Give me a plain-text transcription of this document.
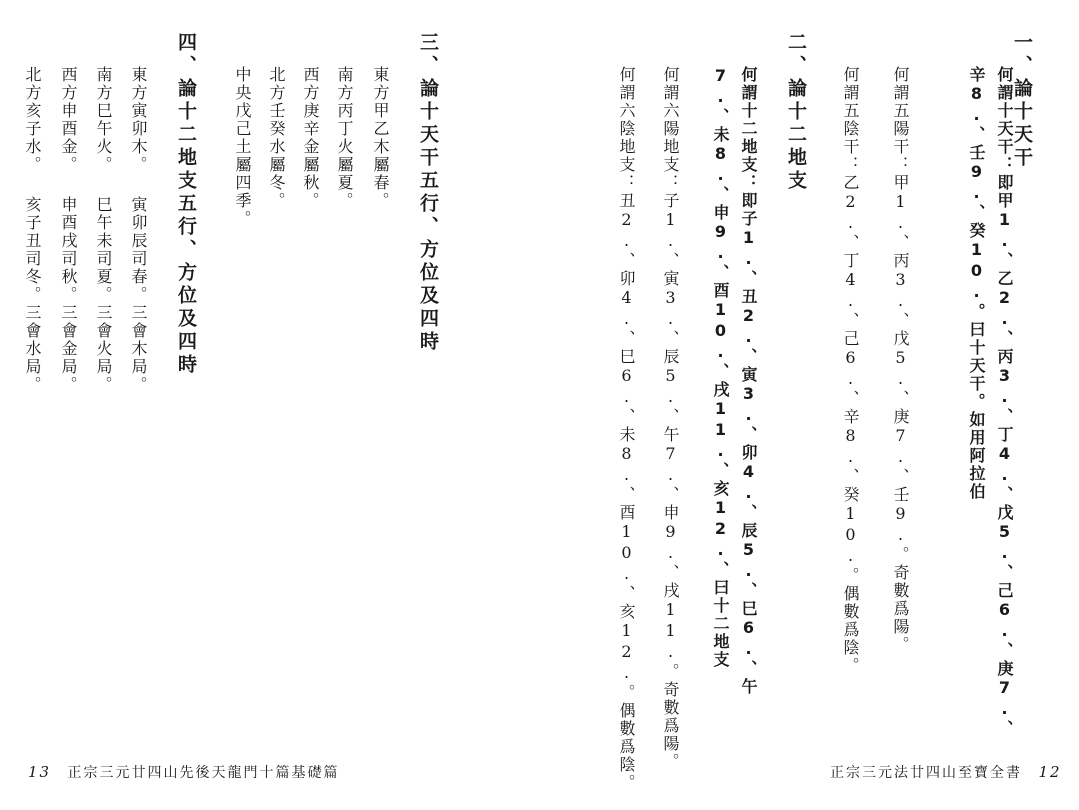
一、論十天干
何謂十天干：即甲1.、乙2.、丙3.、丁4.、戊5.、己6.、庚7.、辛8.、壬9.、癸10.。曰十天干。如用阿拉伯
何謂五陽干：甲1.、丙3.、戊5.、庚7.、壬9.。奇數爲陽。
何謂五陰干：乙2.、丁4.、己6.、辛8.、癸10.。偶數爲陰。
二、論十二地支
何謂十二地支：即子1.、丑2.、寅3.、卯4.、辰5.、巳6.、午7.、未8.、申9.、酉10.、戌11.、亥12.、曰十二地支
何謂六陽地支：子1.、寅3.、辰5.、午7.、申9.、戌11.。奇數爲陽。
何謂六陰地支：丑2.、卯4.、巳6.、未8.、酉10.、亥12.。偶數爲陰。	正宗三元法廿四山至寶全書 12
三、論十天干五行、方位及四時
東方甲乙木屬春。
南方丙丁火屬夏。
西方庚辛金屬秋。
北方壬癸水屬冬。
中央戊己土屬四季。
四、論十二地支五行、方位及四時
東方寅卯木。
寅卯辰司春。三會木局。
南方巳午火。
巳午未司夏。三會火局。
西方申酉金。
申酉戌司秋。三會金局。
北方亥子水。
亥子丑司冬。三會水局。
13 正宗三元廿四山先後天龍門十篇基礎篇
